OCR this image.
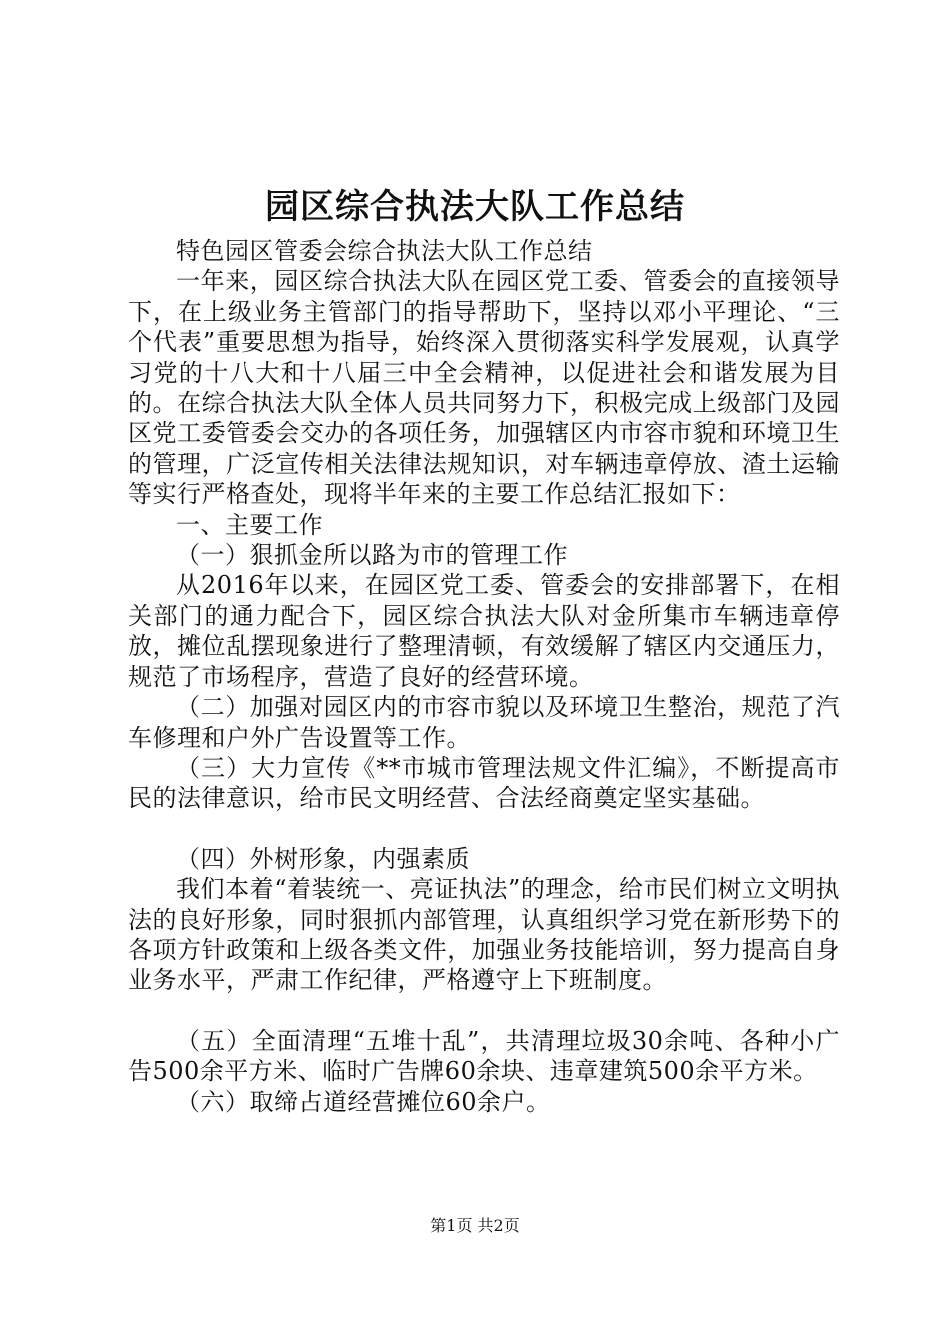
园区综合执法大队工作总结

特色园区管委会综合执法大队工作总结

一年来，园区综合执法大队在园区党工委、管委会的直接领导下，在上级业务主管部门的指导帮助下，坚持以邓小平理论、“三个代表”重要思想为指导，始终深入贯彻落实科学发展观，认真学习党的十八大和十八届三中全会精神，以促进社会和谐发展为目的。在综合执法大队全体人员共同努力下，积极完成上级部门及园区党工委管委会交办的各项任务，加强辖区内市容市貌和环境卫生的管理，广泛宣传相关法律法规知识，对车辆违章停放、渣土运输等实行严格查处，现将半年来的主要工作总结汇报如下：

一、主要工作

（一）狠抓金所以路为市的管理工作

从2016年以来，在园区党工委、管委会的安排部署下，在相关部门的通力配合下，园区综合执法大队对金所集市车辆违章停放，摊位乱摆现象进行了整理清顿，有效缓解了辖区内交通压力，规范了市场程序，营造了良好的经营环境。

（二）加强对园区内的市容市貌以及环境卫生整治，规范了汽车修理和户外广告设置等工作。

（三）大力宣传《**市城市管理法规文件汇编》，不断提高市民的法律意识，给市民文明经营、合法经商奠定坚实基础。

（四）外树形象，内强素质

我们本着“着装统一、亮证执法”的理念，给市民们树立文明执法的良好形象，同时狠抓内部管理，认真组织学习党在新形势下的各项方针政策和上级各类文件，加强业务技能培训，努力提高自身业务水平，严肃工作纪律，严格遵守上下班制度。

（五）全面清理“五堆十乱”，共清理垃圾30余吨、各种小广告500余平方米、临时广告牌60余块、违章建筑500余平方米。

（六）取缔占道经营摊位60余户。

第1页 共2页
